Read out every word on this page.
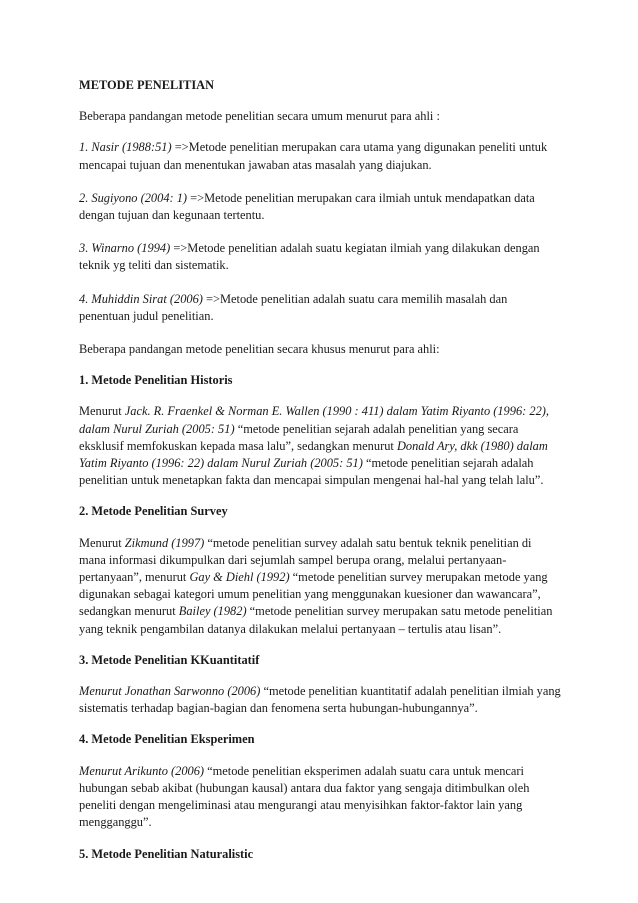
METODE PENELITIAN

Beberapa pandangan metode penelitian secara umum menurut para ahli :

1. Nasir (1988:51) =>Metode penelitian merupakan cara utama yang digunakan peneliti untuk mencapai tujuan dan menentukan jawaban atas masalah yang diajukan.

2. Sugiyono (2004: 1) =>Metode penelitian merupakan cara ilmiah untuk mendapatkan data dengan tujuan dan kegunaan tertentu.

3. Winarno (1994) =>Metode penelitian adalah suatu kegiatan ilmiah yang dilakukan dengan teknik yg teliti dan sistematik.

4. Muhiddin Sirat (2006) =>Metode penelitian adalah suatu cara memilih masalah dan penentuan judul penelitian.

Beberapa pandangan metode penelitian secara khusus menurut para ahli:

1. Metode Penelitian Historis

Menurut Jack. R. Fraenkel & Norman E. Wallen (1990 : 411) dalam Yatim Riyanto (1996: 22), dalam Nurul Zuriah (2005: 51) “metode penelitian sejarah adalah penelitian yang secara eksklusif memfokuskan kepada masa lalu”, sedangkan menurut Donald Ary, dkk (1980) dalam Yatim Riyanto (1996: 22) dalam Nurul Zuriah (2005: 51) “metode penelitian sejarah adalah penelitian untuk menetapkan fakta dan mencapai simpulan mengenai hal-hal yang telah lalu”.

2. Metode Penelitian Survey

Menurut Zikmund (1997) “metode penelitian survey adalah satu bentuk teknik penelitian di mana informasi dikumpulkan dari sejumlah sampel berupa orang, melalui pertanyaan-pertanyaan”, menurut Gay & Diehl (1992) “metode penelitian survey merupakan metode yang digunakan sebagai kategori umum penelitian yang menggunakan kuesioner dan wawancara”, sedangkan menurut Bailey (1982) “metode penelitian survey merupakan satu metode penelitian yang teknik pengambilan datanya dilakukan melalui pertanyaan – tertulis atau lisan”.

3. Metode Penelitian KKuantitatif

Menurut Jonathan Sarwonno (2006) “metode penelitian kuantitatif adalah penelitian ilmiah yang sistematis terhadap bagian-bagian dan fenomena serta hubungan-hubungannya”.

4. Metode Penelitian Eksperimen

Menurut Arikunto (2006) “metode penelitian eksperimen adalah suatu cara untuk mencari hubungan sebab akibat (hubungan kausal) antara dua faktor yang sengaja ditimbulkan oleh peneliti dengan mengeliminasi atau mengurangi atau menyisihkan faktor-faktor lain yang mengganggu”.

5. Metode Penelitian Naturalistic
